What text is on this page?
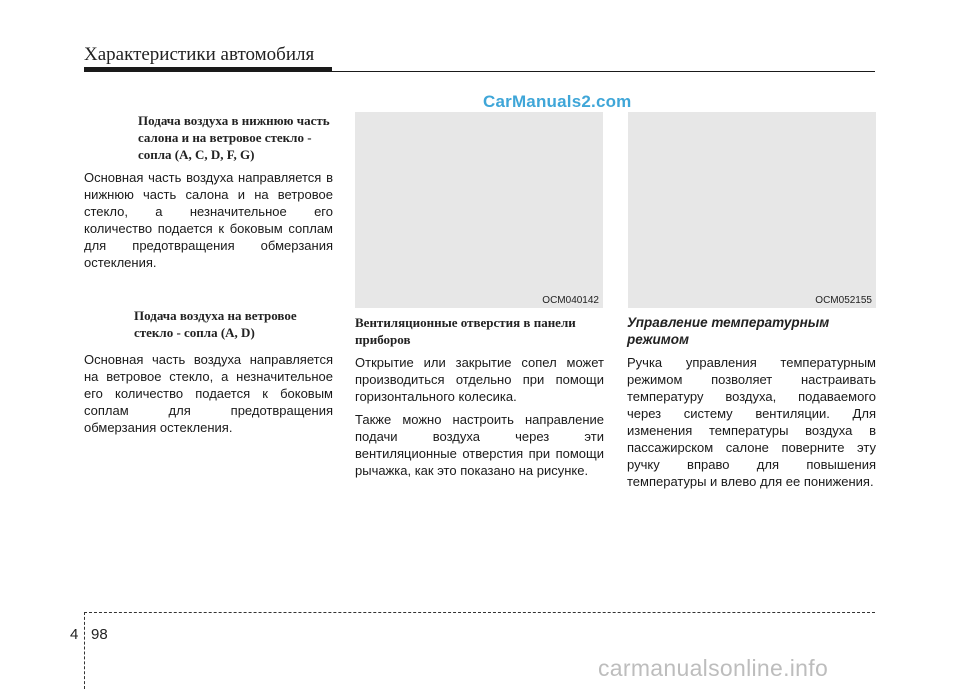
Характеристики автомобиля
CarManuals2.com
Подача воздуха в нижнюю часть салона и на ветровое стекло - сопла (A, C, D, F, G)

Основная часть воздуха направляется в нижнюю часть салона и на ветровое стекло, а незначительное его количество подается к боковым соплам для предотвращения обмерзания остекления.

Подача воздуха на ветровое стекло - сопла (A, D)

Основная часть воздуха направляется на ветровое стекло, а незначительное его количество подается к боковым соплам для предотвращения обмерзания остекления.

OCM040142	OCM052155
Вентиляционные отверстия в панели приборов

Открытие или закрытие сопел может производиться отдельно при помощи горизонтального колесика.

Также можно настроить направление подачи воздуха через эти вентиляционные отверстия при помощи рычажка, как это показано на рисунке.

Управление температурным режимом

Ручка управления температурным режимом позволяет настраивать температуру воздуха, подаваемого через систему вентиляции. Для изменения температуры воздуха в пассажирском салоне поверните эту ручку вправо для повышения температуры и влево для ее понижения.

4 98
carmanualsonline.info
